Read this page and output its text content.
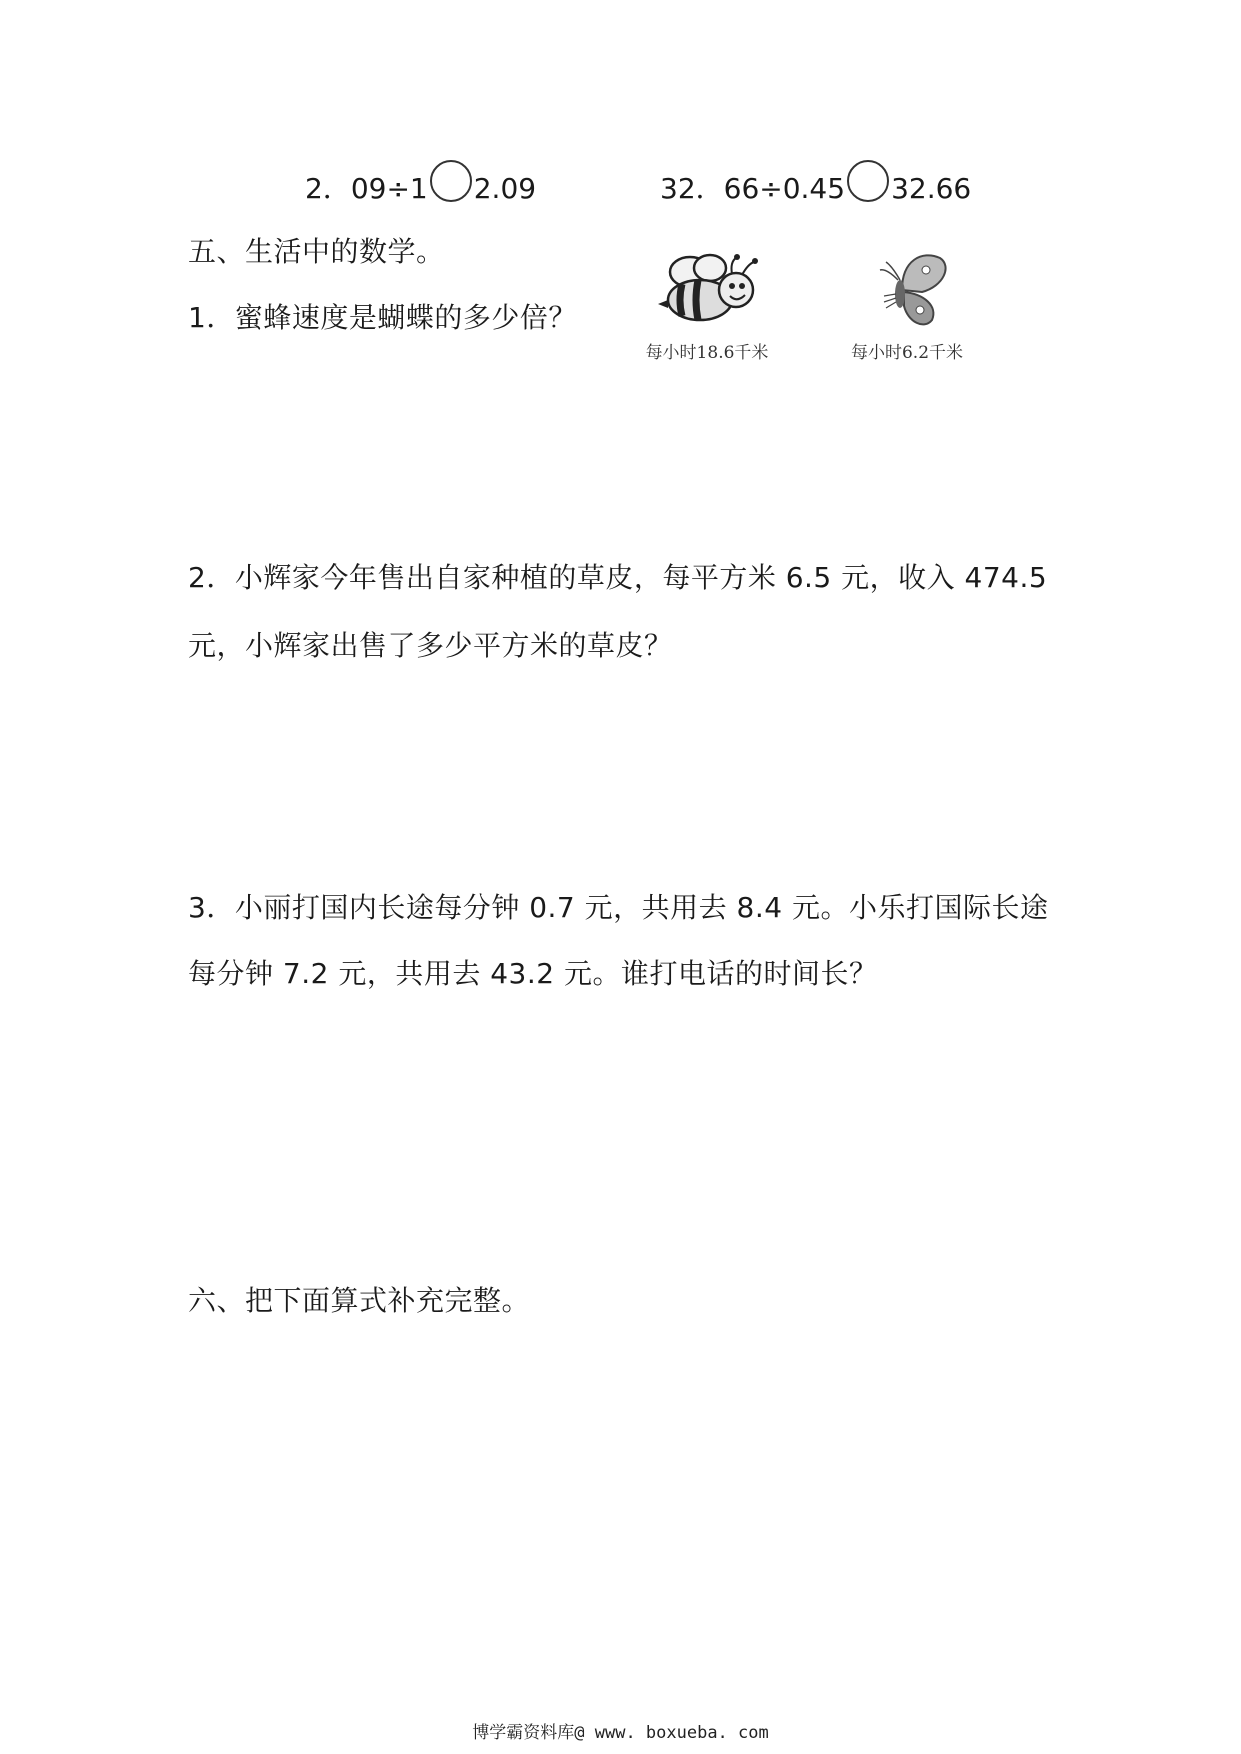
2．09÷1 2.09	32．66÷0.45 32.66
五、生活中的数学。
1．蜜蜂速度是蝴蝶的多少倍？
每小时18.6千米	每小时6.2千米
2．小辉家今年售出自家种植的草皮，每平方米 6.5 元，收入 474.5
元，小辉家出售了多少平方米的草皮？
3．小丽打国内长途每分钟 0.7 元，共用去 8.4 元。小乐打国际长途
每分钟 7.2 元，共用去 43.2 元。谁打电话的时间长？
六、把下面算式补充完整。
博学霸资料库@ www. boxueba. com
